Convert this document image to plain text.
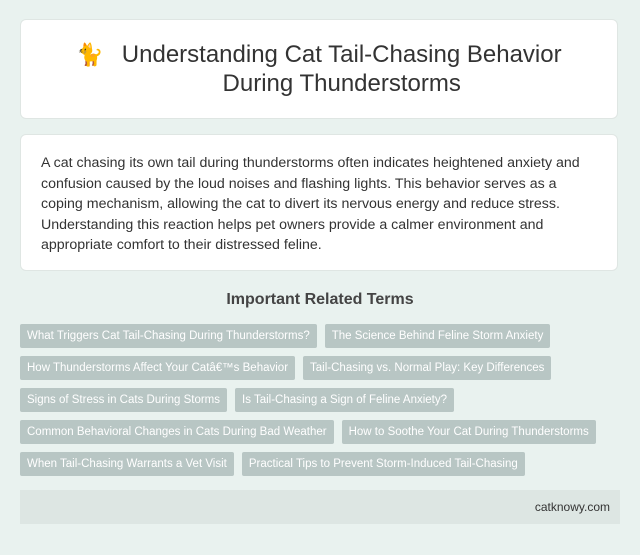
🐈 Understanding Cat Tail-Chasing Behavior
During Thunderstorms

A cat chasing its own tail during thunderstorms often indicates heightened anxiety and confusion caused by the loud noises and flashing lights. This behavior serves as a coping mechanism, allowing the cat to divert its nervous energy and reduce stress. Understanding this reaction helps pet owners provide a calmer environment and appropriate comfort to their distressed feline.

Important Related Terms
What Triggers Cat Tail-Chasing During Thunderstorms?	The Science Behind Feline Storm Anxiety
How Thunderstorms Affect Your Catâ€™s Behavior	Tail-Chasing vs. Normal Play: Key Differences
Signs of Stress in Cats During Storms	Is Tail-Chasing a Sign of Feline Anxiety?
Common Behavioral Changes in Cats During Bad Weather	How to Soothe Your Cat During Thunderstorms
When Tail-Chasing Warrants a Vet Visit	Practical Tips to Prevent Storm-Induced Tail-Chasing
catknowy.com
